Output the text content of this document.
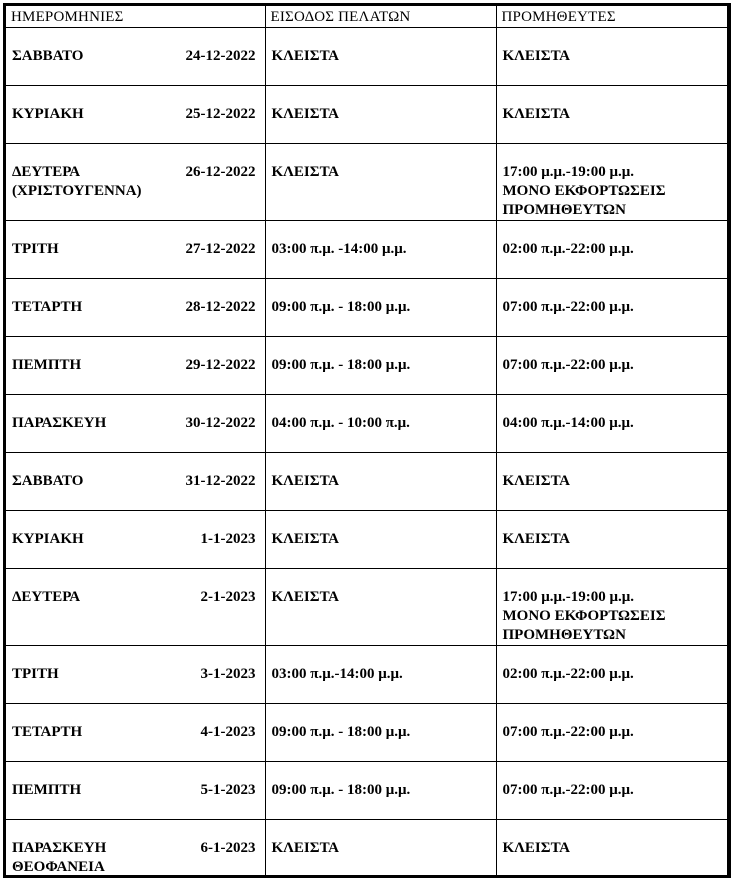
ΗΜΕΡΟΜΗΝΙΕΣ	ΕΙΣΟΔΟΣ ΠΕΛΑΤΩΝ	ΠΡΟΜΗΘΕΥΤΕΣ

ΣΑΒΒΑΤΟ 24-12-2022	ΚΛΕΙΣΤΑ	ΚΛΕΙΣΤΑ

ΚΥΡΙΑΚΗ 25-12-2022	ΚΛΕΙΣΤΑ	ΚΛΕΙΣΤΑ

ΔΕΥΤΕΡΑ
(ΧΡΙΣΤΟΥΓΕΝΝΑ)
26-12-2022	ΚΛΕΙΣΤΑ	17:00 μ.μ.-19:00 μ.μ.
ΜΟΝΟ ΕΚΦΟΡΤΩΣΕΙΣ
ΠΡΟΜΗΘΕΥΤΩΝ

ΤΡΙΤΗ 27-12-2022	03:00 π.μ. -14:00 μ.μ.	02:00 π.μ.-22:00 μ.μ.

ΤΕΤΑΡΤΗ 28-12-2022	09:00 π.μ. - 18:00 μ.μ.	07:00 π.μ.-22:00 μ.μ.

ΠΕΜΠΤΗ 29-12-2022	09:00 π.μ. - 18:00 μ.μ.	07:00 π.μ.-22:00 μ.μ.

ΠΑΡΑΣΚΕΥΗ 30-12-2022	04:00 π.μ. - 10:00 π.μ.	04:00 π.μ.-14:00 μ.μ.

ΣΑΒΒΑΤΟ 31-12-2022	ΚΛΕΙΣΤΑ	ΚΛΕΙΣΤΑ

ΚΥΡΙΑΚΗ 1-1-2023	ΚΛΕΙΣΤΑ	ΚΛΕΙΣΤΑ

ΔΕΥΤΕΡΑ 2-1-2023	ΚΛΕΙΣΤΑ	17:00 μ.μ.-19:00 μ.μ.
ΜΟΝΟ ΕΚΦΟΡΤΩΣΕΙΣ
ΠΡΟΜΗΘΕΥΤΩΝ

ΤΡΙΤΗ 3-1-2023	03:00 π.μ.-14:00 μ.μ.	02:00 π.μ.-22:00 μ.μ.

ΤΕΤΑΡΤΗ 4-1-2023	09:00 π.μ. - 18:00 μ.μ.	07:00 π.μ.-22:00 μ.μ.

ΠΕΜΠΤΗ 5-1-2023	09:00 π.μ. - 18:00 μ.μ.	07:00 π.μ.-22:00 μ.μ.

ΠΑΡΑΣΚΕΥΗ
ΘΕΟΦΑΝΕΙΑ
6-1-2023	ΚΛΕΙΣΤΑ	ΚΛΕΙΣΤΑ
